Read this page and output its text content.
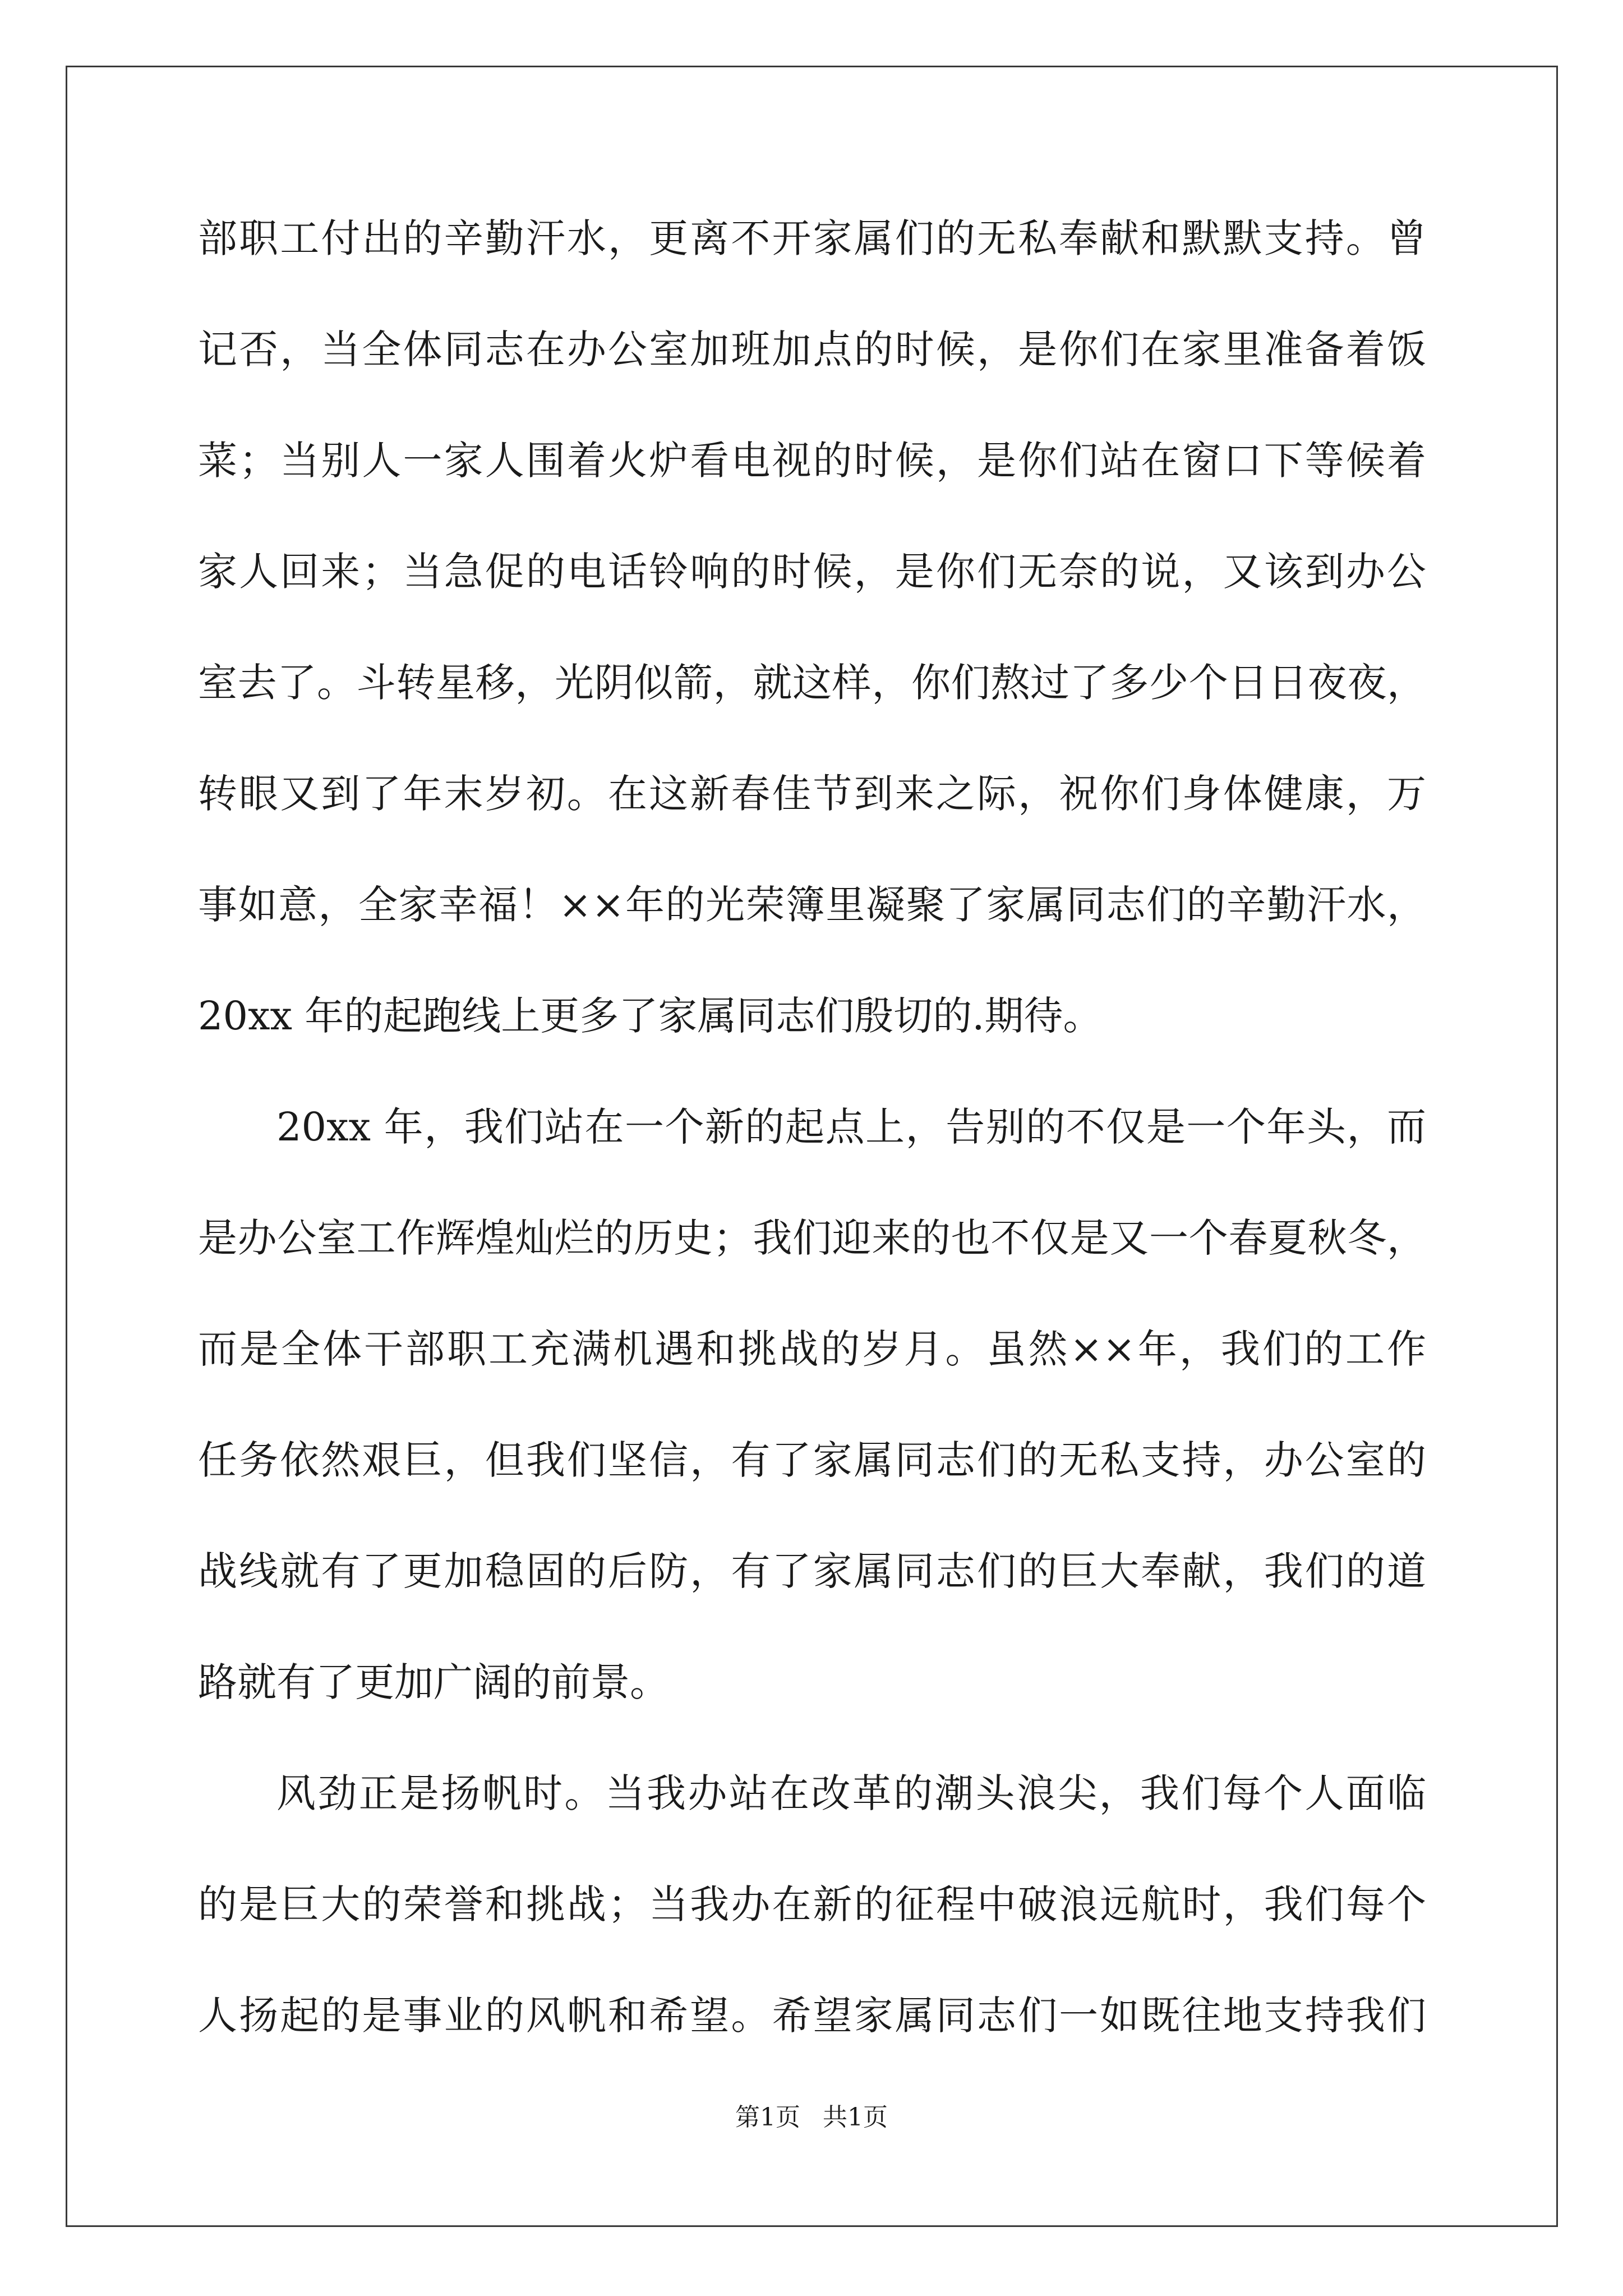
部职工付出的辛勤汗水，更离不开家属们的无私奉献和默默支持。曾
记否，当全体同志在办公室加班加点的时候，是你们在家里准备着饭
菜；当别人一家人围着火炉看电视的时候，是你们站在窗口下等候着
家人回来；当急促的电话铃响的时候，是你们无奈的说，又该到办公
室去了。斗转星移，光阴似箭，就这样，你们熬过了多少个日日夜夜，
转眼又到了年末岁初。在这新春佳节到来之际，祝你们身体健康，万
事如意，全家幸福！××年的光荣簿里凝聚了家属同志们的辛勤汗水，
20xx 年的起跑线上更多了家属同志们殷切的.期待。
20xx 年，我们站在一个新的起点上，告别的不仅是一个年头，而
是办公室工作辉煌灿烂的历史；我们迎来的也不仅是又一个春夏秋冬，
而是全体干部职工充满机遇和挑战的岁月。虽然××年，我们的工作
任务依然艰巨，但我们坚信，有了家属同志们的无私支持，办公室的
战线就有了更加稳固的后防，有了家属同志们的巨大奉献，我们的道
路就有了更加广阔的前景。
风劲正是扬帆时。当我办站在改革的潮头浪尖，我们每个人面临
的是巨大的荣誉和挑战；当我办在新的征程中破浪远航时，我们每个
人扬起的是事业的风帆和希望。希望家属同志们一如既往地支持我们
第1页 共1页
